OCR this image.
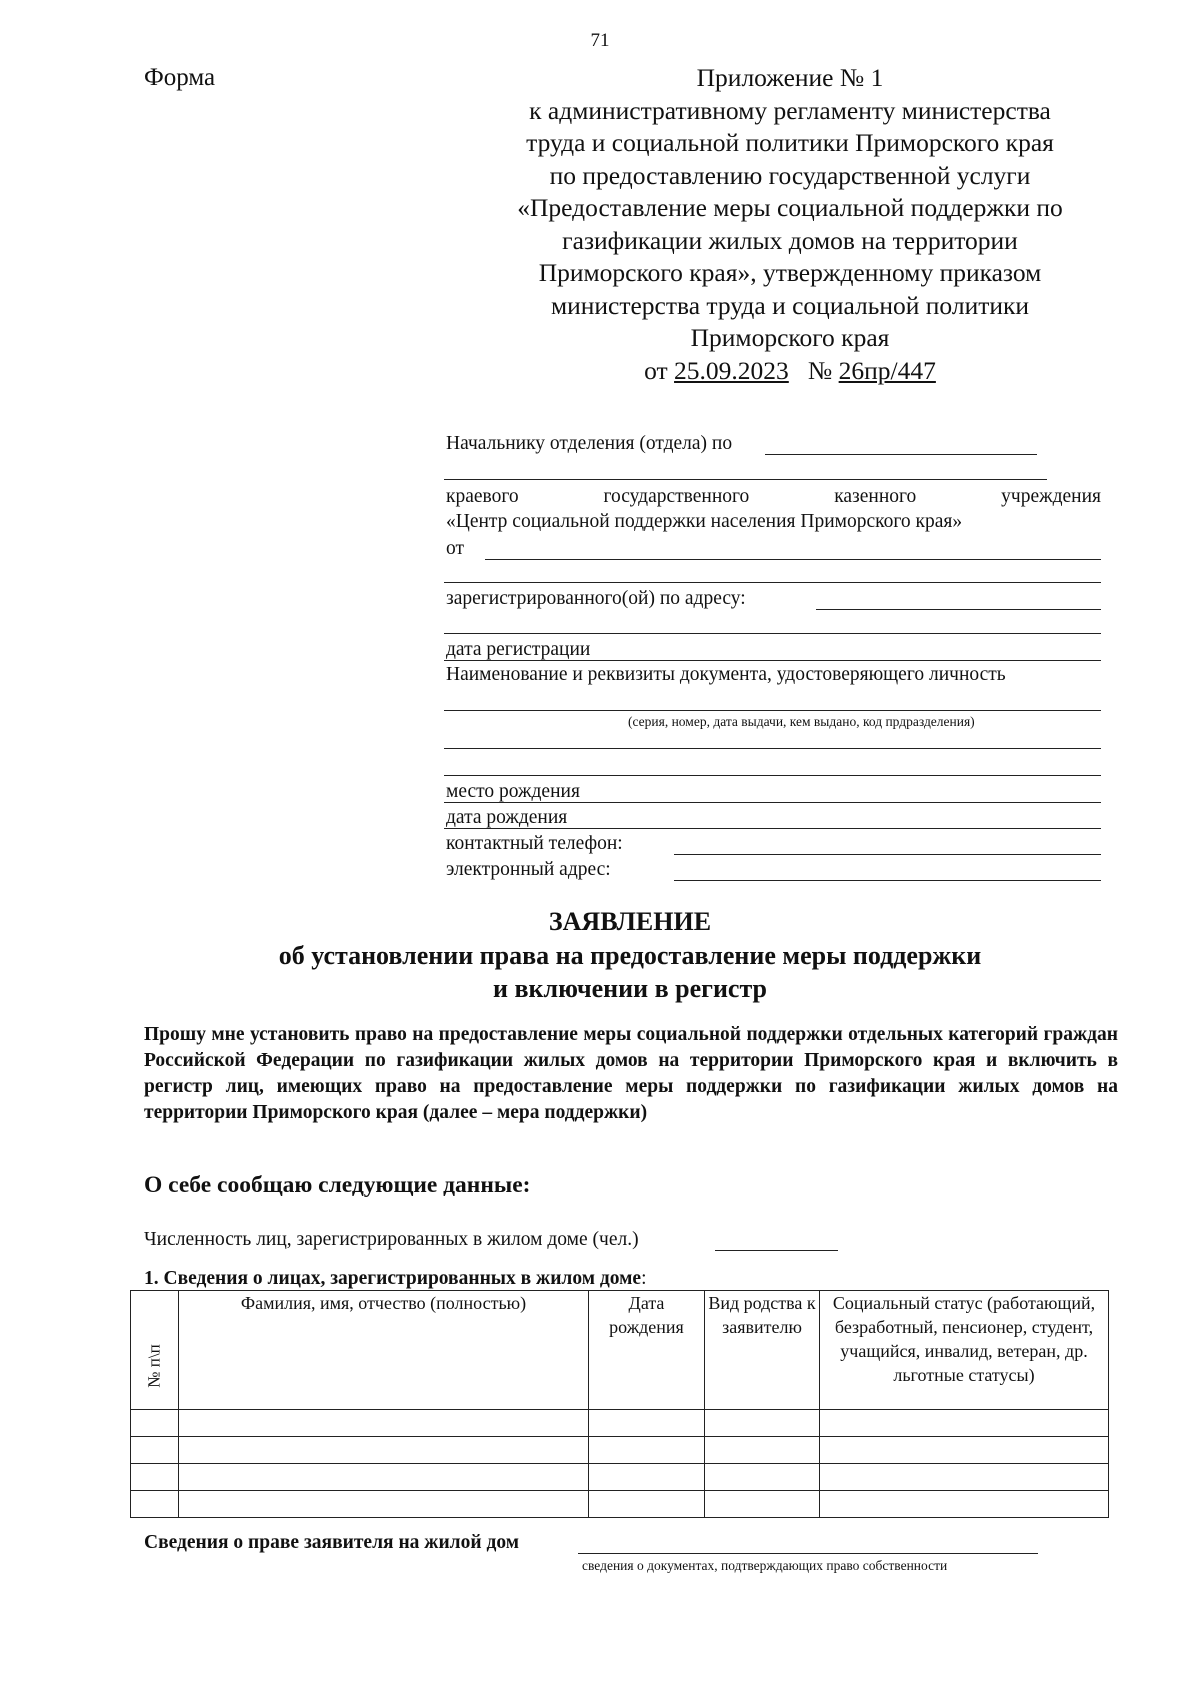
71
Форма	Приложение № 1
к административному регламенту министерства
труда и социальной политики Приморского края
по предоставлению государственной услуги
«Предоставление меры социальной поддержки по
газификации жилых домов на территории
Приморского края», утвержденному приказом
министерства труда и социальной политики
Приморского края
от 25.09.2023 № 26пр/447
Начальнику отделения (отдела) по
краевого	государственного	казенного	учреждения
«Центр социальной поддержки населения Приморского края»
от
зарегистрированного(ой) по адресу:
дата регистрации
Наименование и реквизиты документа, удостоверяющего личность
(серия, номер, дата выдачи, кем выдано, код прдразделения)
место рождения
дата рождения
контактный телефон:
электронный адрес:
ЗАЯВЛЕНИЕ
об установлении права на предоставление меры поддержки
и включении в регистр
Прошу мне установить право на предоставление меры социальной поддержки отдельных категорий граждан Российской Федерации по газификации жилых домов на территории Приморского края и включить в регистр лиц, имеющих право на предоставление меры поддержки по газификации жилых домов на территории Приморского края (далее – мера поддержки)
О себе сообщаю следующие данные:
Численность лиц, зарегистрированных в жилом доме (чел.)
1. Сведения о лицах, зарегистрированных в жилом доме:
№ п\п	Фамилия, имя, отчество (полностью)	Дата рождения	Вид родства к заявителю	Социальный статус (работающий, безработный, пенсионер, студент, учащийся, инвалид, ветеран, др. льготные статусы)

Сведения о праве заявителя на жилой дом
сведения о документах, подтверждающих право собственности
